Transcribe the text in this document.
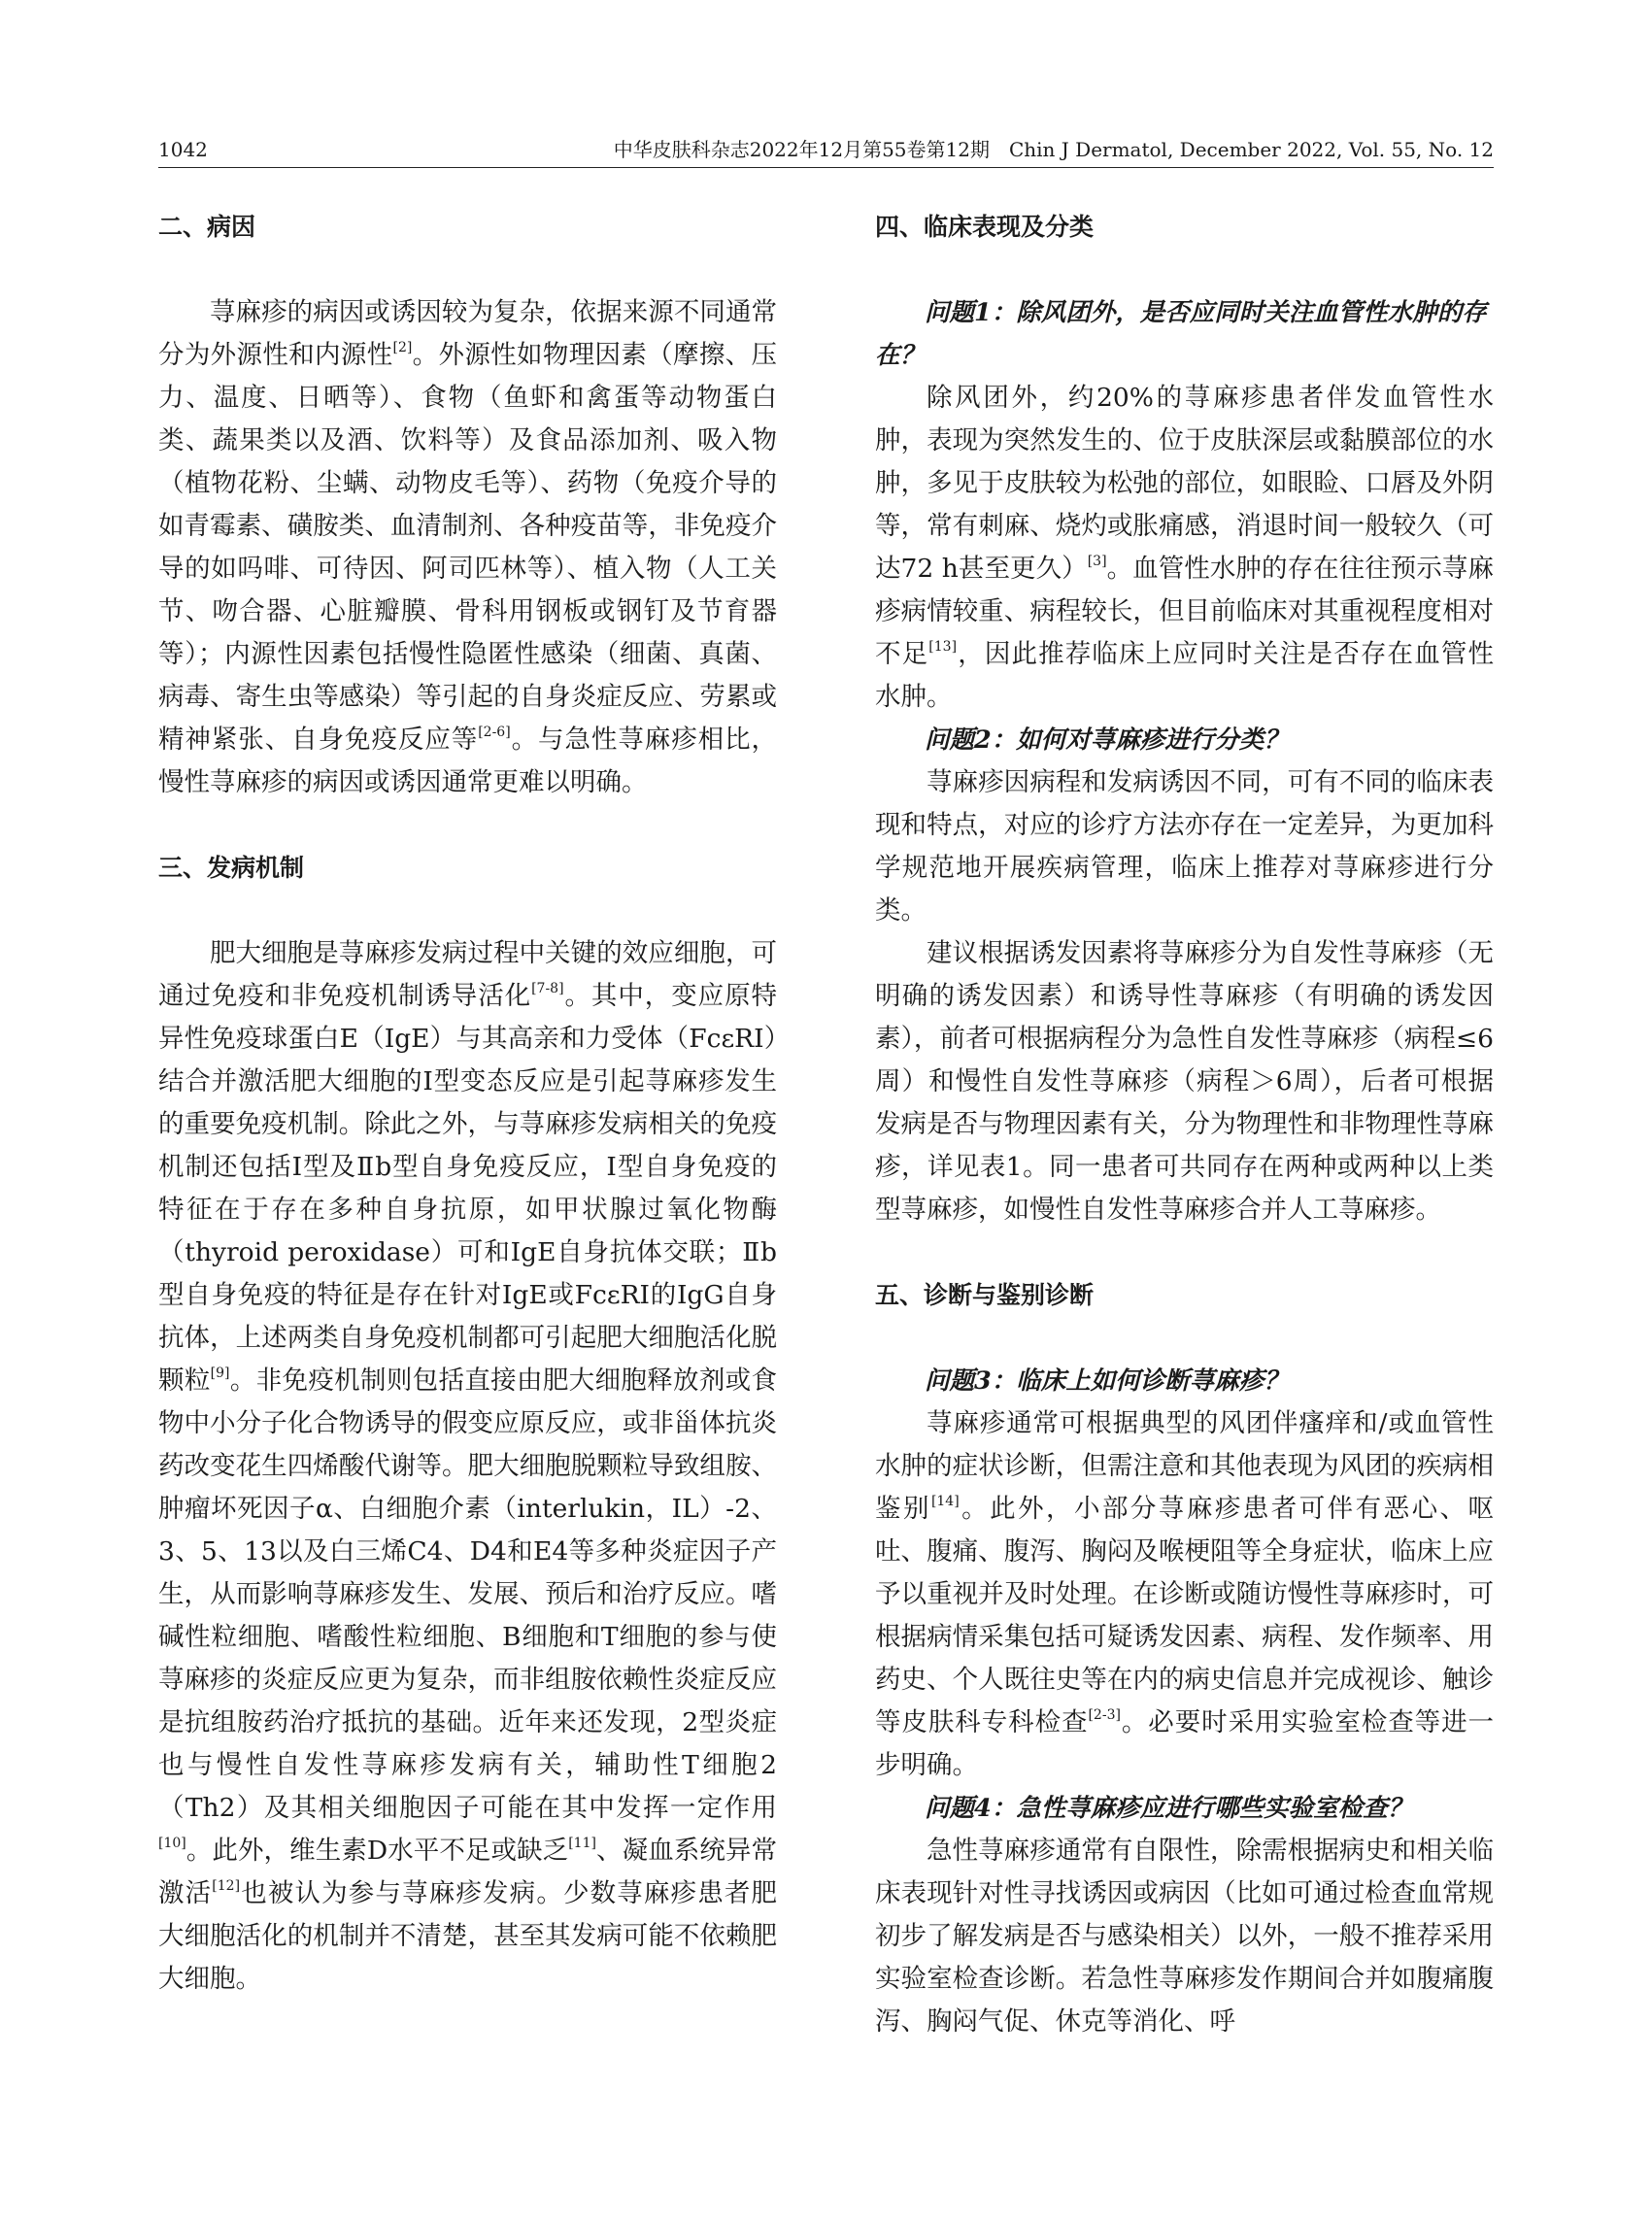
1042	中华皮肤科杂志2022年12月第55卷第12期　Chin J Dermatol, December 2022, Vol. 55, No. 12
二、病因

荨麻疹的病因或诱因较为复杂，依据来源不同通常分为外源性和内源性[2]。外源性如物理因素（摩擦、压力、温度、日晒等）、食物（鱼虾和禽蛋等动物蛋白类、蔬果类以及酒、饮料等）及食品添加剂、吸入物（植物花粉、尘螨、动物皮毛等）、药物（免疫介导的如青霉素、磺胺类、血清制剂、各种疫苗等，非免疫介导的如吗啡、可待因、阿司匹林等）、植入物（人工关节、吻合器、心脏瓣膜、骨科用钢板或钢钉及节育器等）；内源性因素包括慢性隐匿性感染（细菌、真菌、病毒、寄生虫等感染）等引起的自身炎症反应、劳累或精神紧张、自身免疫反应等[2-6]。与急性荨麻疹相比，慢性荨麻疹的病因或诱因通常更难以明确。

三、发病机制

肥大细胞是荨麻疹发病过程中关键的效应细胞，可通过免疫和非免疫机制诱导活化[7-8]。其中，变应原特异性免疫球蛋白E（IgE）与其高亲和力受体（FcεRI）结合并激活肥大细胞的Ⅰ型变态反应是引起荨麻疹发生的重要免疫机制。除此之外，与荨麻疹发病相关的免疫机制还包括Ⅰ型及Ⅱb型自身免疫反应，Ⅰ型自身免疫的特征在于存在多种自身抗原，如甲状腺过氧化物酶（thyroid peroxidase）可和IgE自身抗体交联；Ⅱb型自身免疫的特征是存在针对IgE或FcεRI的IgG自身抗体，上述两类自身免疫机制都可引起肥大细胞活化脱颗粒[9]。非免疫机制则包括直接由肥大细胞释放剂或食物中小分子化合物诱导的假变应原反应，或非甾体抗炎药改变花生四烯酸代谢等。肥大细胞脱颗粒导致组胺、肿瘤坏死因子α、白细胞介素（interlukin，IL）-2、3、5、13以及白三烯C4、D4和E4等多种炎症因子产生，从而影响荨麻疹发生、发展、预后和治疗反应。嗜碱性粒细胞、嗜酸性粒细胞、B细胞和T细胞的参与使荨麻疹的炎症反应更为复杂，而非组胺依赖性炎症反应是抗组胺药治疗抵抗的基础。近年来还发现，2型炎症也与慢性自发性荨麻疹发病有关，辅助性T细胞2（Th2）及其相关细胞因子可能在其中发挥一定作用[10]。此外，维生素D水平不足或缺乏[11]、凝血系统异常激活[12]也被认为参与荨麻疹发病。少数荨麻疹患者肥大细胞活化的机制并不清楚，甚至其发病可能不依赖肥大细胞。

四、临床表现及分类
问题1：除风团外，是否应同时关注血管性水肿的存在？

除风团外，约20%的荨麻疹患者伴发血管性水肿，表现为突然发生的、位于皮肤深层或黏膜部位的水肿，多见于皮肤较为松弛的部位，如眼睑、口唇及外阴等，常有刺麻、烧灼或胀痛感，消退时间一般较久（可达72 h甚至更久）[3]。血管性水肿的存在往往预示荨麻疹病情较重、病程较长，但目前临床对其重视程度相对不足[13]，因此推荐临床上应同时关注是否存在血管性水肿。

问题2：如何对荨麻疹进行分类？

荨麻疹因病程和发病诱因不同，可有不同的临床表现和特点，对应的诊疗方法亦存在一定差异，为更加科学规范地开展疾病管理，临床上推荐对荨麻疹进行分类。

建议根据诱发因素将荨麻疹分为自发性荨麻疹（无明确的诱发因素）和诱导性荨麻疹（有明确的诱发因素），前者可根据病程分为急性自发性荨麻疹（病程≤6周）和慢性自发性荨麻疹（病程＞6周），后者可根据发病是否与物理因素有关，分为物理性和非物理性荨麻疹，详见表1。同一患者可共同存在两种或两种以上类型荨麻疹，如慢性自发性荨麻疹合并人工荨麻疹。

五、诊断与鉴别诊断
问题3：临床上如何诊断荨麻疹？

荨麻疹通常可根据典型的风团伴瘙痒和/或血管性水肿的症状诊断，但需注意和其他表现为风团的疾病相鉴别[14]。此外，小部分荨麻疹患者可伴有恶心、呕吐、腹痛、腹泻、胸闷及喉梗阻等全身症状，临床上应予以重视并及时处理。在诊断或随访慢性荨麻疹时，可根据病情采集包括可疑诱发因素、病程、发作频率、用药史、个人既往史等在内的病史信息并完成视诊、触诊等皮肤科专科检查[2-3]。必要时采用实验室检查等进一步明确。

问题4：急性荨麻疹应进行哪些实验室检查？

急性荨麻疹通常有自限性，除需根据病史和相关临床表现针对性寻找诱因或病因（比如可通过检查血常规初步了解发病是否与感染相关）以外，一般不推荐采用实验室检查诊断。若急性荨麻疹发作期间合并如腹痛腹泻、胸闷气促、休克等消化、呼
